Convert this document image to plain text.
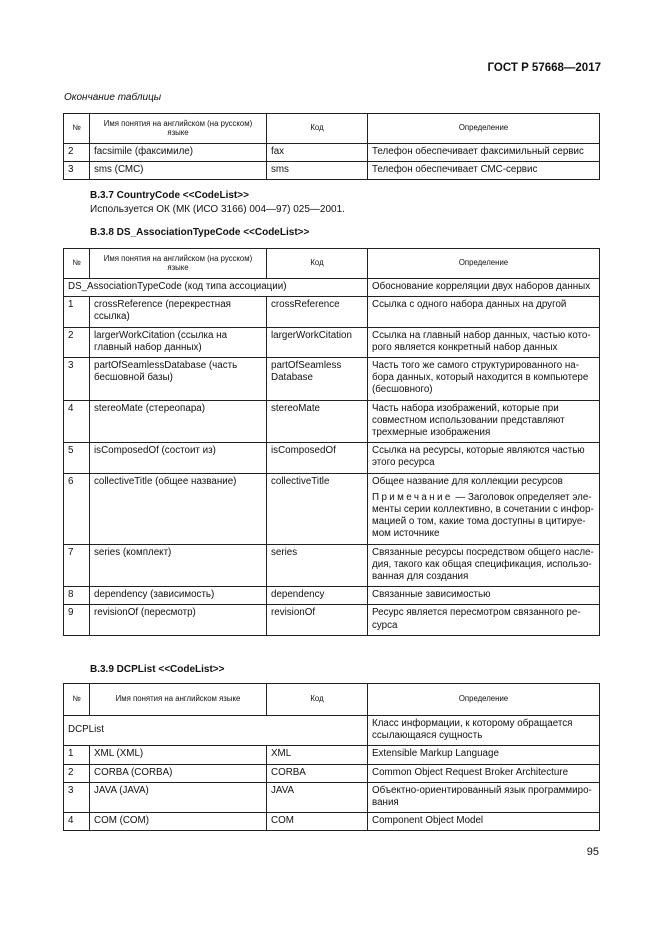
ГОСТ Р 57668—2017
Окончание таблицы
№	Имя понятия на английском (на русском) языке	Код	Определение
2	facsimile (факсимиле)	fax	Телефон обеспечивает факсимильный сервис
3	sms (СМС)	sms	Телефон обеспечивает СМС-сервис
B.3.7 CountryCode <<CodeList>>
Используется ОК (МК (ИСО 3166) 004—97) 025—2001.
B.3.8 DS_AssociationTypeCode <<CodeList>>
№	Имя понятия на английском (на русском) языке	Код	Определение
DS_AssociationTypeCode (код типа ассоциации)			Обоснование корреляции двух наборов данных
1	crossReference (перекрестная ссылка)	crossReference	Ссылка с одного набора данных на другой
2	largerWorkCitation (ссылка на главный набор данных)	largerWorkCitation	Ссылка на главный набор данных, частью которого является конкретный набор данных
3	partOfSeamlessDatabase (часть бесшовной базы)	partOfSeamless Database	Часть того же самого структурированного набора данных, который находится в компьютере (бесшовного)
4	stereoMate (стереопара)	stereoMate	Часть набора изображений, которые при совместном использовании представляют трехмерные изображения
5	isComposedOf (состоит из)	isComposedOf	Ссылка на ресурсы, которые являются частью этого ресурса
6	collectiveTitle (общее название)	collectiveTitle	Общее название для коллекции ресурсов

Примечание — Заголовок определяет элементы серии коллективно, в сочетании с информацией о том, какие тома доступны в цитируемом источнике

7	series (комплект)	series	Связанные ресурсы посредством общего наследия, такого как общая спецификация, использованная для создания
8	dependency (зависимость)	dependency	Связанные зависимостью
9	revisionOf (пересмотр)	revisionOf	Ресурс является пересмотром связанного ресурса
B.3.9 DCPList <<CodeList>>
№	Имя понятия на английском языке	Код	Определение
DCPList			Класс информации, к которому обращается ссылающаяся сущность
1	XML (XML)	XML	Extensible Markup Language
2	CORBA (CORBA)	CORBA	Common Object Request Broker Architecture
3	JAVA (JAVA)	JAVA	Объектно-ориентированный язык программирования
4	COM (COM)	COM	Component Object Model
95
